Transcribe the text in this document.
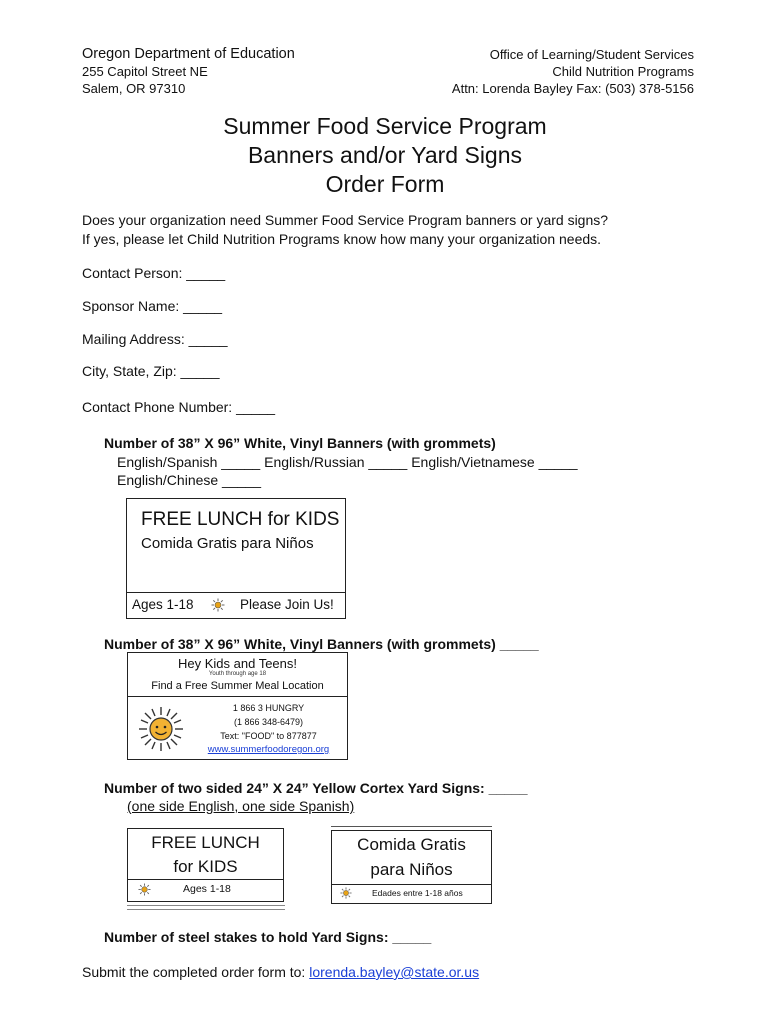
Oregon Department of Education
255 Capitol Street NE
Salem, OR 97310
Office of Learning/Student Services
Child Nutrition Programs
Attn: Lorenda Bayley Fax: (503) 378-5156
Summer Food Service Program
Banners and/or Yard Signs
Order Form
Does your organization need Summer Food Service Program banners or yard signs?
If yes, please let Child Nutrition Programs know how many your organization needs.
Contact Person: _____
Sponsor Name: _____
Mailing Address: _____
City, State, Zip: _____
Contact Phone Number: _____
Number of 38” X 96” White, Vinyl Banners (with grommets)
English/Spanish _____ English/Russian _____ English/Vietnamese _____
English/Chinese _____
FREE LUNCH for KIDS
Comida Gratis para Niños
Ages 1-18	Please Join Us!
Number of 38” X 96” White, Vinyl Banners (with grommets) _____
Hey Kids and Teens!
Youth through age 18
Find a Free Summer Meal Location
1 866 3 HUNGRY
(1 866 348-6479)
Text: "FOOD" to 877877
www.summerfoodoregon.org
Number of two sided 24” X 24” Yellow Cortex Yard Signs: _____
(one side English, one side Spanish)
FREE LUNCH
for KIDS
Ages 1-18
Comida Gratis
para Niños
Edades entre 1-18 años
Number of steel stakes to hold Yard Signs: _____
Submit the completed order form to: lorenda.bayley@state.or.us
